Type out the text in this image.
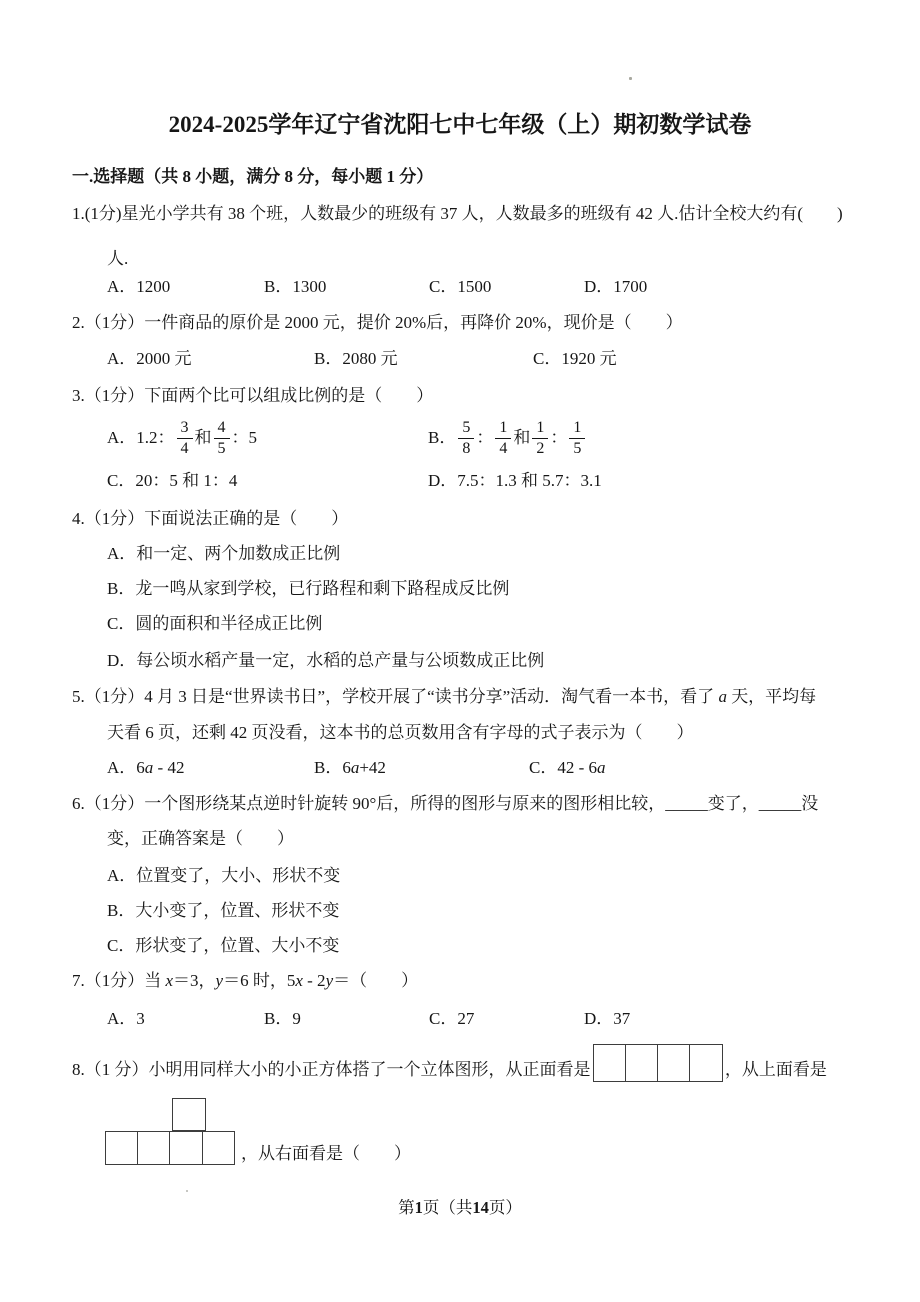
2024-2025学年辽宁省沈阳七中七年级（上）期初数学试卷
一.选择题（共 8 小题，满分 8 分，每小题 1 分）
1.(1分)星光小学共有 38 个班，人数最少的班级有 37 人，人数最多的班级有 42 人.估计全校大约有(　　)
人.
A．1200	B．1300	C．1500	D．1700
2.（1分）一件商品的原价是 2000 元，提价 20%后，再降价 20%，现价是（　　）
A．2000 元	B．2080 元	C．1920 元
3.（1分）下面两个比可以组成比例的是（　　）
A． 1.2： $\frac{3}{4}$ 和 $\frac{4}{5}$ ：5	B． $\frac{5}{8}$ ： $\frac{1}{4}$ 和 $\frac{1}{2}$ ： $\frac{1}{5}$
C．20：5 和 1：4	D．7.5：1.3 和 5.7：3.1
4.（1分）下面说法正确的是（　　）
A．和一定、两个加数成正比例
B．龙一鸣从家到学校，已行路程和剩下路程成反比例
C．圆的面积和半径成正比例
D．每公顷水稻产量一定，水稻的总产量与公顷数成正比例
5.（1分）4 月 3 日是“世界读书日”，学校开展了“读书分享”活动．淘气看一本书，看了 a 天，平均每
天看 6 页，还剩 42 页没看，这本书的总页数用含有字母的式子表示为（　　）
A．6a - 42	B．6a+42	C．42 - 6a
6.（1分）一个图形绕某点逆时针旋转 90°后，所得的图形与原来的图形相比较，_____变了，_____没
变，正确答案是（　　）
A．位置变了，大小、形状不变
B．大小变了，位置、形状不变
C．形状变了，位置、大小不变
7.（1分）当 x＝3，y＝6 时，5x - 2y＝（　　）
A．3	B．9	C．27	D．37
8.（1 分）小明用同样大小的小正方体搭了一个立体图形，从正面看是	，从上面看是
，从右面看是（　　）
第1页（共14页）
